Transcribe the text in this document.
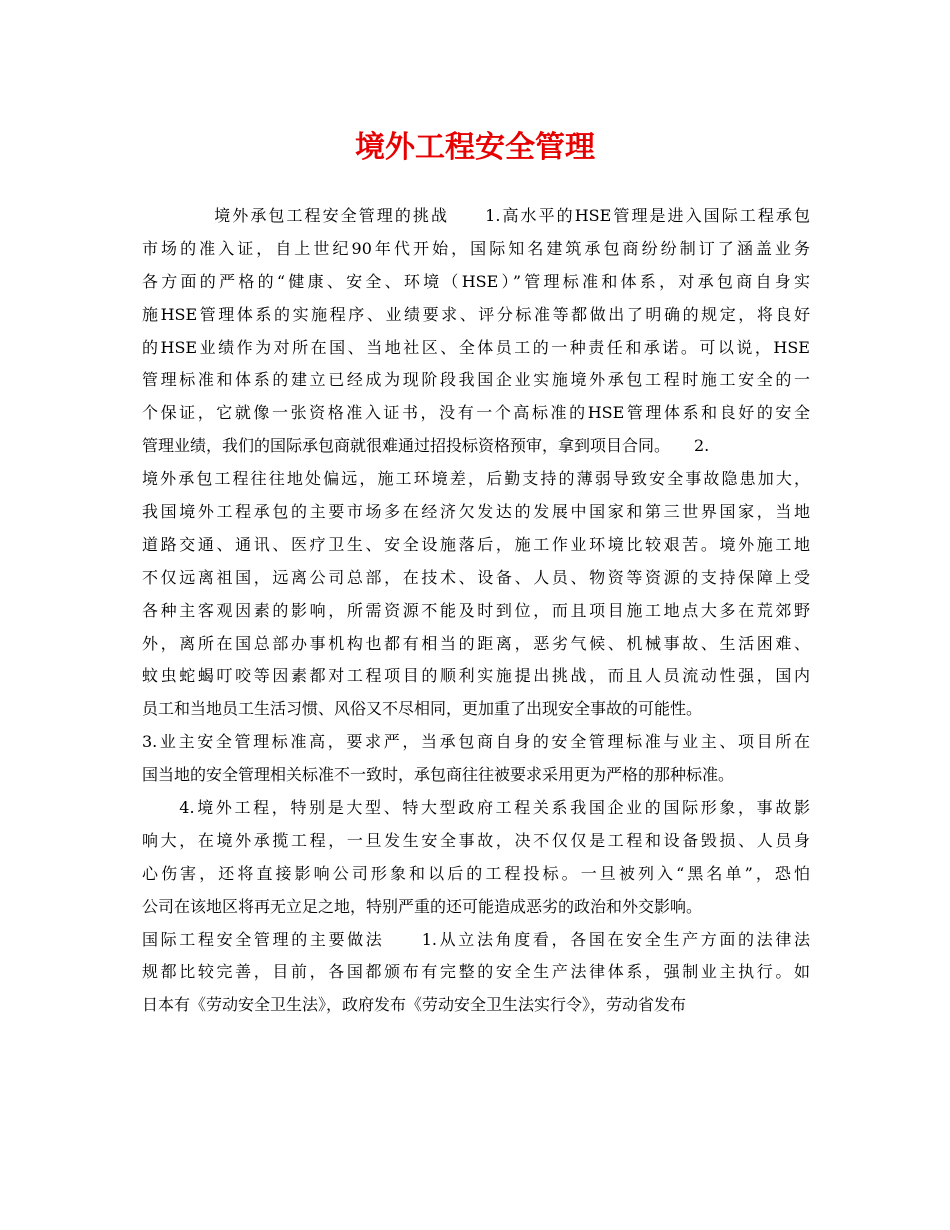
境外工程安全管理
　　　　境外承包工程安全管理的挑战　　1.高水平的HSE管理是进入国际工程承包
市场的准入证，自上世纪90年代开始，国际知名建筑承包商纷纷制订了涵盖业务
各方面的严格的“健康、安全、环境（HSE）”管理标准和体系，对承包商自身实
施HSE管理体系的实施程序、业绩要求、评分标准等都做出了明确的规定，将良好
的HSE业绩作为对所在国、当地社区、全体员工的一种责任和承诺。可以说，HSE
管理标准和体系的建立已经成为现阶段我国企业实施境外承包工程时施工安全的一
个保证，它就像一张资格准入证书，没有一个高标准的HSE管理体系和良好的安全
管理业绩，我们的国际承包商就很难通过招投标资格预审，拿到项目合同。　　2.
境外承包工程往往地处偏远，施工环境差，后勤支持的薄弱导致安全事故隐患加大，
我国境外工程承包的主要市场多在经济欠发达的发展中国家和第三世界国家，当地
道路交通、通讯、医疗卫生、安全设施落后，施工作业环境比较艰苦。境外施工地
不仅远离祖国，远离公司总部，在技术、设备、人员、物资等资源的支持保障上受
各种主客观因素的影响，所需资源不能及时到位，而且项目施工地点大多在荒郊野
外，离所在国总部办事机构也都有相当的距离，恶劣气候、机械事故、生活困难、
蚊虫蛇蝎叮咬等因素都对工程项目的顺利实施提出挑战，而且人员流动性强，国内
员工和当地员工生活习惯、风俗又不尽相同，更加重了出现安全事故的可能性。
3.业主安全管理标准高，要求严，当承包商自身的安全管理标准与业主、项目所在
国当地的安全管理相关标准不一致时，承包商往往被要求采用更为严格的那种标准。
　　4.境外工程，特别是大型、特大型政府工程关系我国企业的国际形象，事故影
响大，在境外承揽工程，一旦发生安全事故，决不仅仅是工程和设备毁损、人员身
心伤害，还将直接影响公司形象和以后的工程投标。一旦被列入“黑名单”，恐怕
公司在该地区将再无立足之地，特别严重的还可能造成恶劣的政治和外交影响。
国际工程安全管理的主要做法　　1.从立法角度看，各国在安全生产方面的法律法
规都比较完善，目前，各国都颁布有完整的安全生产法律体系，强制业主执行。如
日本有《劳动安全卫生法》，政府发布《劳动安全卫生法实行令》，劳动省发布
